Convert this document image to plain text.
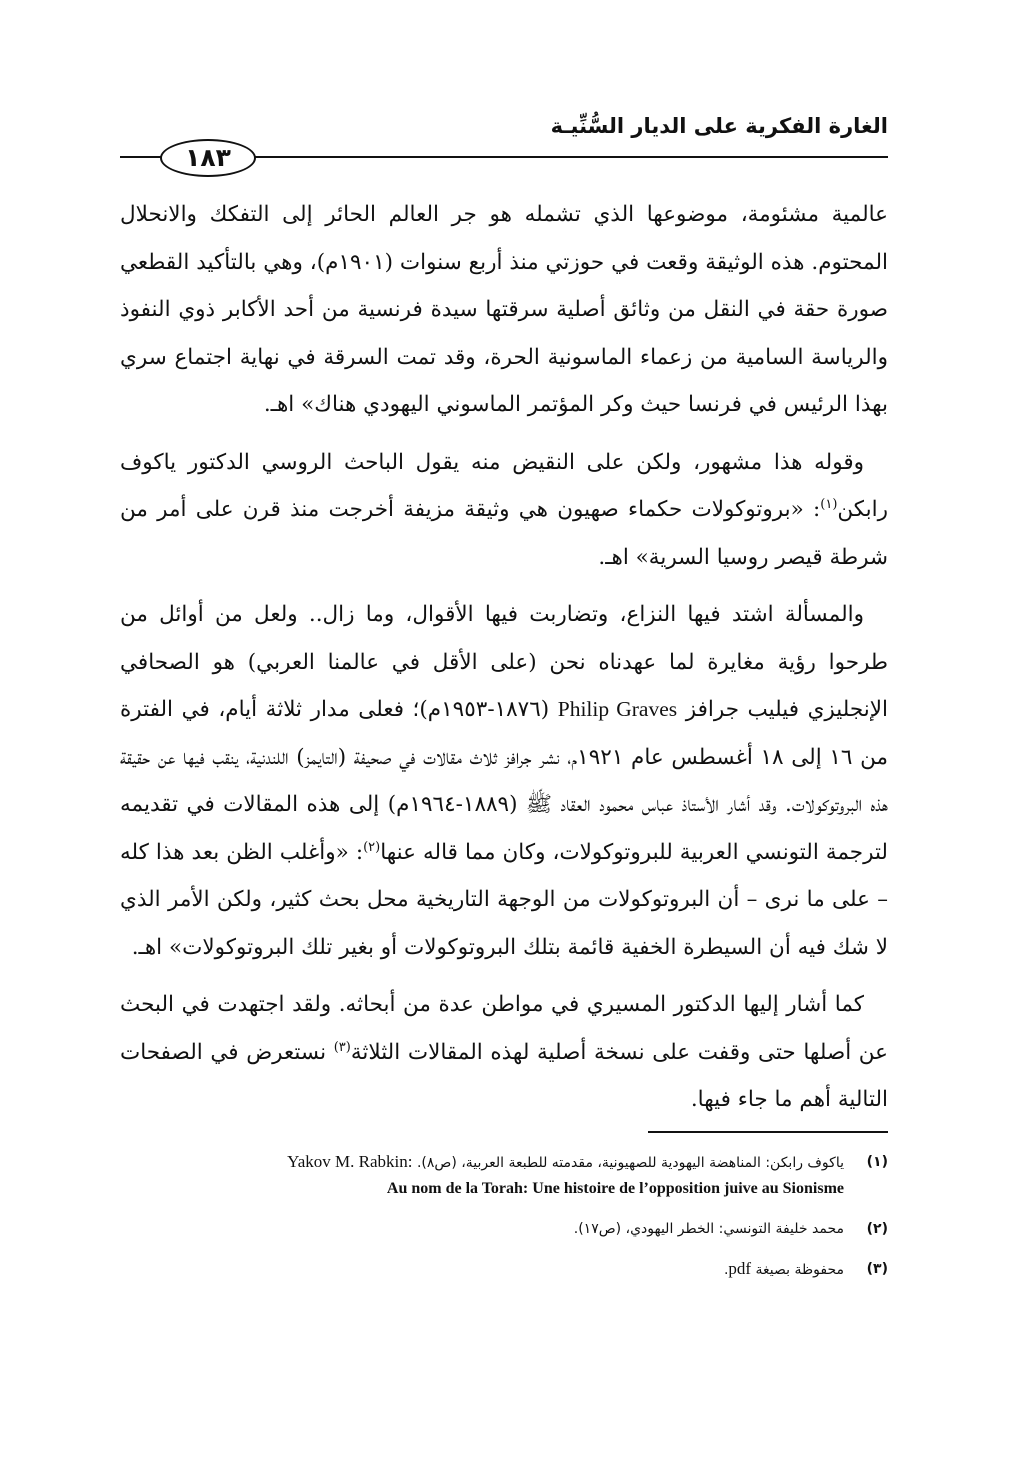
الغارة الفكرية على الديار السُّنِّيـة
١٨٣

عالمية مشئومة، موضوعها الذي تشمله هو جر العالم الحائر إلى التفكك والانحلال المحتوم. هذه الوثيقة وقعت في حوزتي منذ أربع سنوات (١٩٠١م)، وهي بالتأكيد القطعي صورة حقة في النقل من وثائق أصلية سرقتها سيدة فرنسية من أحد الأكابر ذوي النفوذ والرياسة السامية من زعماء الماسونية الحرة، وقد تمت السرقة في نهاية اجتماع سري بهذا الرئيس في فرنسا حيث وكر المؤتمر الماسوني اليهودي هناك» اهـ.

وقوله هذا مشهور، ولكن على النقيض منه يقول الباحث الروسي الدكتور ياكوف رابكن$^{(١)}$: «بروتوكولات حكماء صهيون هي وثيقة مزيفة أخرجت منذ قرن على أمر من شرطة قيصر روسيا السرية» اهـ.

والمسألة اشتد فيها النزاع، وتضاربت فيها الأقوال، وما زال.. ولعل من أوائل من طرحوا رؤية مغايرة لما عهدناه نحن (على الأقل في عالمنا العربي) هو الصحافي الإنجليزي فيليب جرافز Philip Graves (١٨٧٦-١٩٥٣م)؛ فعلى مدار ثلاثة أيام، في الفترة من ١٦ إلى ١٨ أغسطس عام ١٩٢١م، نشر جرافز ثلاث مقالات في صحيفة (التايمز) اللندنية، ينقب فيها عن حقيقة هذه البروتوكولات. وقد أشار الأستاذ عباس محمود العقاد ﷺ (١٨٨٩-١٩٦٤م) إلى هذه المقالات في تقديمه لترجمة التونسي العربية للبروتوكولات، وكان مما قاله عنها$^{(٢)}$: «وأغلب الظن بعد هذا كله – على ما نرى – أن البروتوكولات من الوجهة التاريخية محل بحث كثير، ولكن الأمر الذي لا شك فيه أن السيطرة الخفية قائمة بتلك البروتوكولات أو بغير تلك البروتوكولات» اهـ.

كما أشار إليها الدكتور المسيري في مواطن عدة من أبحاثه. ولقد اجتهدت في البحث عن أصلها حتى وقفت على نسخة أصلية لهذه المقالات الثلاثة$^{(٣)}$ نستعرض في الصفحات التالية أهم ما جاء فيها.

(١)
ياكوف رابكن: المناهضة اليهودية للصهيونية، مقدمته للطبعة العربية، (ص٨). Yakov M. Rabkin:
Au nom de la Torah: Une histoire de l’opposition juive au Sionisme
(٢)
محمد خليفة التونسي: الخطر اليهودي، (ص١٧).
(٣)
محفوظة بصيغة pdf.
